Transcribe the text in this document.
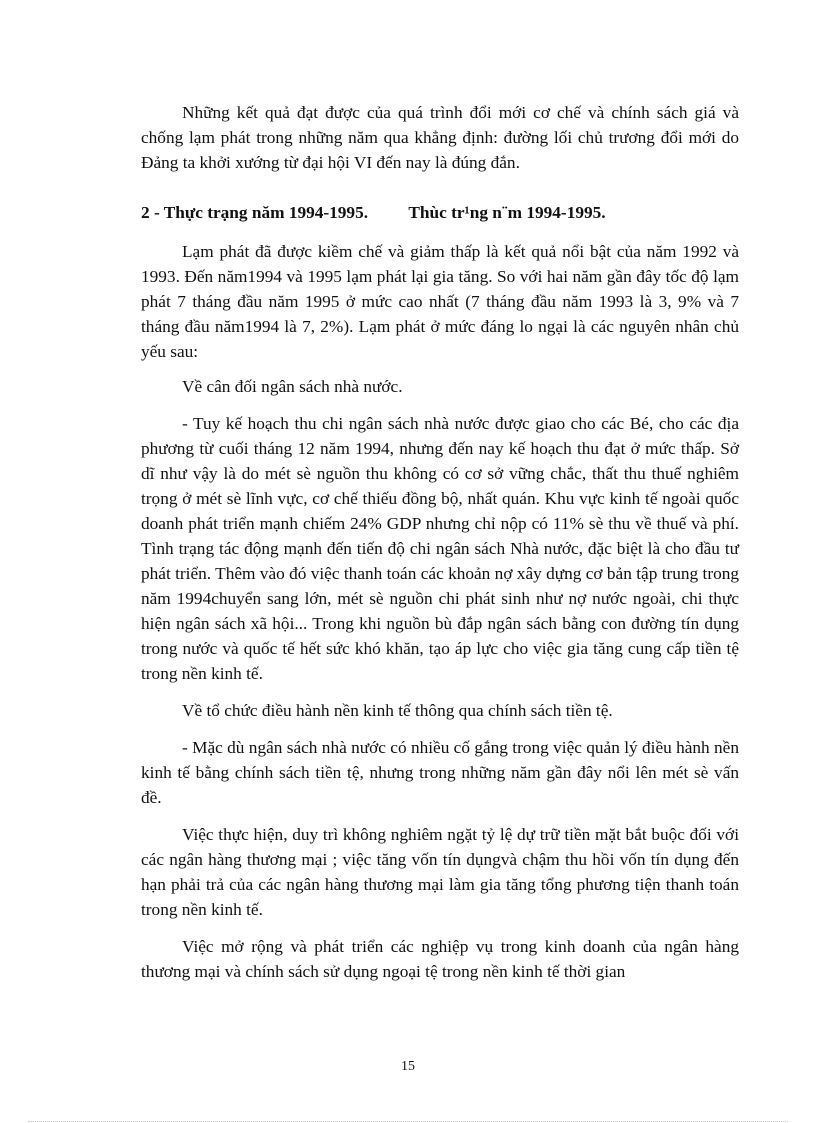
Những kết quả đạt được của quá trình đổi mới cơ chế và chính sách giá và chống lạm phát trong những năm qua khẳng định: đường lối chủ trương đổi mới do Đảng ta khởi xướng từ đại hội VI đến nay là đúng đắn.

2 - Thực trạng năm 1994-1995. Thùc tr¹ng n¨m 1994-1995.

Lạm phát đã được kiềm chế và giảm thấp là kết quả nổi bật của năm 1992 và 1993. Đến năm1994 và 1995 lạm phát lại gia tăng. So với hai năm gần đây tốc độ lạm phát 7 tháng đầu năm 1995 ở mức cao nhất (7 tháng đầu năm 1993 là 3, 9% và 7 tháng đầu năm1994 là 7, 2%). Lạm phát ở mức đáng lo ngại là các nguyên nhân chủ yếu sau:

Về cân đối ngân sách nhà nước.

- Tuy kế hoạch thu chi ngân sách nhà nước được giao cho các Bé, cho các địa phương từ cuối tháng 12 năm 1994, nhưng đến nay kế hoạch thu đạt ở mức thấp. Sở dĩ như vậy là do mét sè nguồn thu không có cơ sở vững chắc, thất thu thuế nghiêm trọng ở mét sè lĩnh vực, cơ chế thiếu đồng bộ, nhất quán. Khu vực kinh tế ngoài quốc doanh phát triển mạnh chiếm 24% GDP nhưng chỉ nộp có 11% sè thu về thuế và phí. Tình trạng tác động mạnh đến tiến độ chi ngân sách Nhà nước, đặc biệt là cho đầu tư phát triển. Thêm vào đó việc thanh toán các khoản nợ xây dựng cơ bản tập trung trong năm 1994chuyển sang lớn, mét sè nguồn chi phát sinh như nợ nước ngoài, chi thực hiện ngân sách xã hội... Trong khi nguồn bù đắp ngân sách bằng con đường tín dụng trong nước và quốc tế hết sức khó khăn, tạo áp lực cho việc gia tăng cung cấp tiền tệ trong nền kinh tế.

Về tổ chức điều hành nền kinh tế thông qua chính sách tiền tệ.

- Mặc dù ngân sách nhà nước có nhiều cố gắng trong việc quản lý điều hành nền kinh tế bằng chính sách tiền tệ, nhưng trong những năm gần đây nổi lên mét sè vấn đề.

Việc thực hiện, duy trì không nghiêm ngặt tỷ lệ dự trữ tiền mặt bắt buộc đối với các ngân hàng thương mại ; việc tăng vốn tín dụngvà chậm thu hồi vốn tín dụng đến hạn phải trả của các ngân hàng thương mại làm gia tăng tổng phương tiện thanh toán trong nền kinh tế.

Việc mở rộng và phát triển các nghiệp vụ trong kinh doanh của ngân hàng thương mại và chính sách sử dụng ngoại tệ trong nền kinh tế thời gian

15
